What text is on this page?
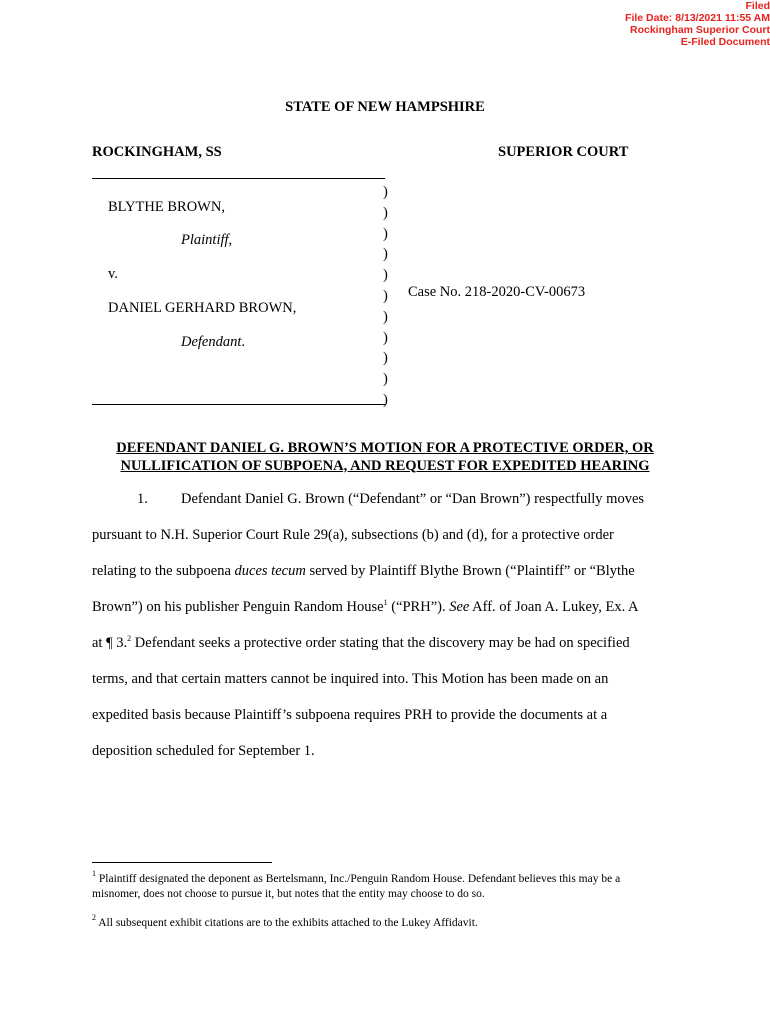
Filed
File Date: 8/13/2021 11:55 AM
Rockingham Superior Court
E-Filed Document
STATE OF NEW HAMPSHIRE
ROCKINGHAM, SS	SUPERIOR COURT
)
)
)
)
)
)
)
)
)
)
)
BLYTHE BROWN,
Plaintiff,
v.
DANIEL GERHARD BROWN,
Defendant.
Case No. 218-2020-CV-00673
DEFENDANT DANIEL G. BROWN’S MOTION FOR A PROTECTIVE ORDER, OR
NULLIFICATION OF SUBPOENA, AND REQUEST FOR EXPEDITED HEARING
1. Defendant Daniel G. Brown (“Defendant” or “Dan Brown”) respectfully moves
pursuant to N.H. Superior Court Rule 29(a), subsections (b) and (d), for a protective order
relating to the subpoena duces tecum served by Plaintiff Blythe Brown (“Plaintiff” or “Blythe
Brown”) on his publisher Penguin Random House$^1$ (“PRH”). See Aff. of Joan A. Lukey, Ex. A
at ¶ 3.$^2$ Defendant seeks a protective order stating that the discovery may be had on specified
terms, and that certain matters cannot be inquired into. This Motion has been made on an
expedited basis because Plaintiff’s subpoena requires PRH to provide the documents at a
deposition scheduled for September 1.
$^1$ Plaintiff designated the deponent as Bertelsmann, Inc./Penguin Random House. Defendant believes this may be a
misnomer, does not choose to pursue it, but notes that the entity may choose to do so.
$^2$ All subsequent exhibit citations are to the exhibits attached to the Lukey Affidavit.
